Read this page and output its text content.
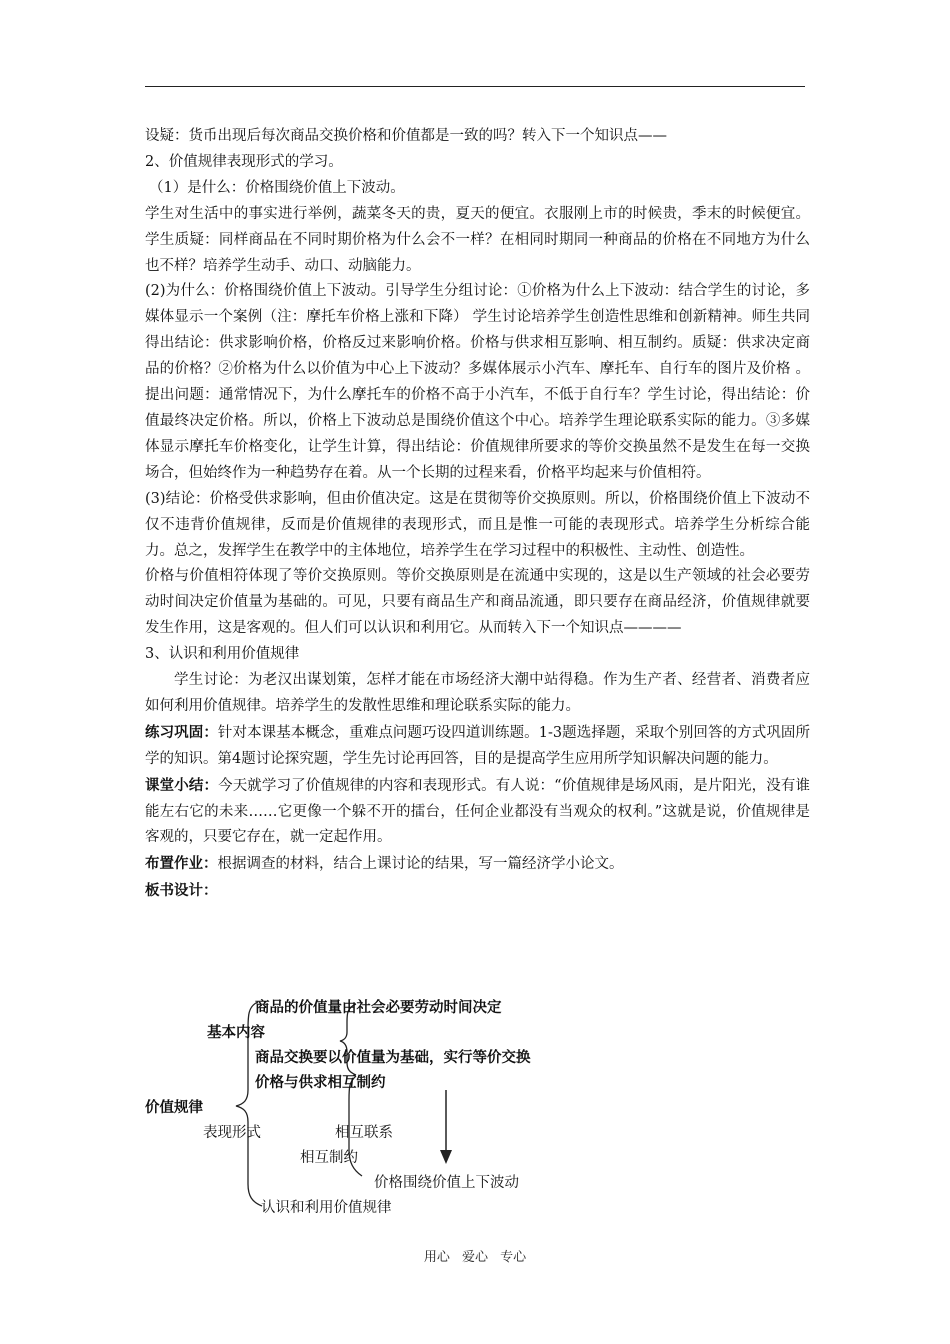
设疑：货币出现后每次商品交换价格和价值都是一致的吗？转入下一个知识点——

2、价值规律表现形式的学习。

（1）是什么：价格围绕价值上下波动。

学生对生活中的事实进行举例，蔬菜冬天的贵，夏天的便宜。衣服刚上市的时候贵，季末的时候便宜。学生质疑：同样商品在不同时期价格为什么会不一样？在相同时期同一种商品的价格在不同地方为什么也不样？培养学生动手、动口、动脑能力。

(2)为什么：价格围绕价值上下波动。引导学生分组讨论：①价格为什么上下波动：结合学生的讨论，多媒体显示一个案例（注：摩托车价格上涨和下降） 学生讨论培养学生创造性思维和创新精神。师生共同得出结论：供求影响价格，价格反过来影响价格。价格与供求相互影响、相互制约。质疑：供求决定商品的价格？②价格为什么以价值为中心上下波动？多媒体展示小汽车、摩托车、自行车的图片及价格 。提出问题：通常情况下，为什么摩托车的价格不高于小汽车，不低于自行车？学生讨论，得出结论：价值最终决定价格。所以，价格上下波动总是围绕价值这个中心。培养学生理论联系实际的能力。③多媒体显示摩托车价格变化，让学生计算，得出结论：价值规律所要求的等价交换虽然不是发生在每一交换场合，但始终作为一种趋势存在着。从一个长期的过程来看，价格平均起来与价值相符。

(3)结论：价格受供求影响，但由价值决定。这是在贯彻等价交换原则。所以，价格围绕价值上下波动不仅不违背价值规律，反而是价值规律的表现形式，而且是惟一可能的表现形式。培养学生分析综合能力。总之，发挥学生在教学中的主体地位，培养学生在学习过程中的积极性、主动性、创造性。

价格与价值相符体现了等价交换原则。等价交换原则是在流通中实现的，这是以生产领域的社会必要劳动时间决定价值量为基础的。可见，只要有商品生产和商品流通，即只要存在商品经济，价值规律就要发生作用，这是客观的。但人们可以认识和利用它。从而转入下一个知识点————

3、认识和利用价值规律

学生讨论：为老汉出谋划策，怎样才能在市场经济大潮中站得稳。作为生产者、经营者、消费者应如何利用价值规律。培养学生的发散性思维和理论联系实际的能力。

练习巩固：针对本课基本概念，重难点问题巧设四道训练题。1-3题选择题，采取个别回答的方式巩固所学的知识。第4题讨论探究题，学生先讨论再回答，目的是提高学生应用所学知识解决问题的能力。

课堂小结：今天就学习了价值规律的内容和表现形式。有人说：“价值规律是场风雨，是片阳光，没有谁能左右它的未来……它更像一个躲不开的擂台，任何企业都没有当观众的权利。”这就是说，价值规律是客观的，只要它存在，就一定起作用。

布置作业：根据调查的材料，结合上课讨论的结果，写一篇经济学小论文。

板书设计：

商品的价值量由社会必要劳动时间决定
基本内容
商品交换要以价值量为基础，实行等价交换
价格与供求相互制约
价值规律
表现形式	相互联系
相互制约
价格围绕价值上下波动
认识和利用价值规律
用心 爱心 专心
